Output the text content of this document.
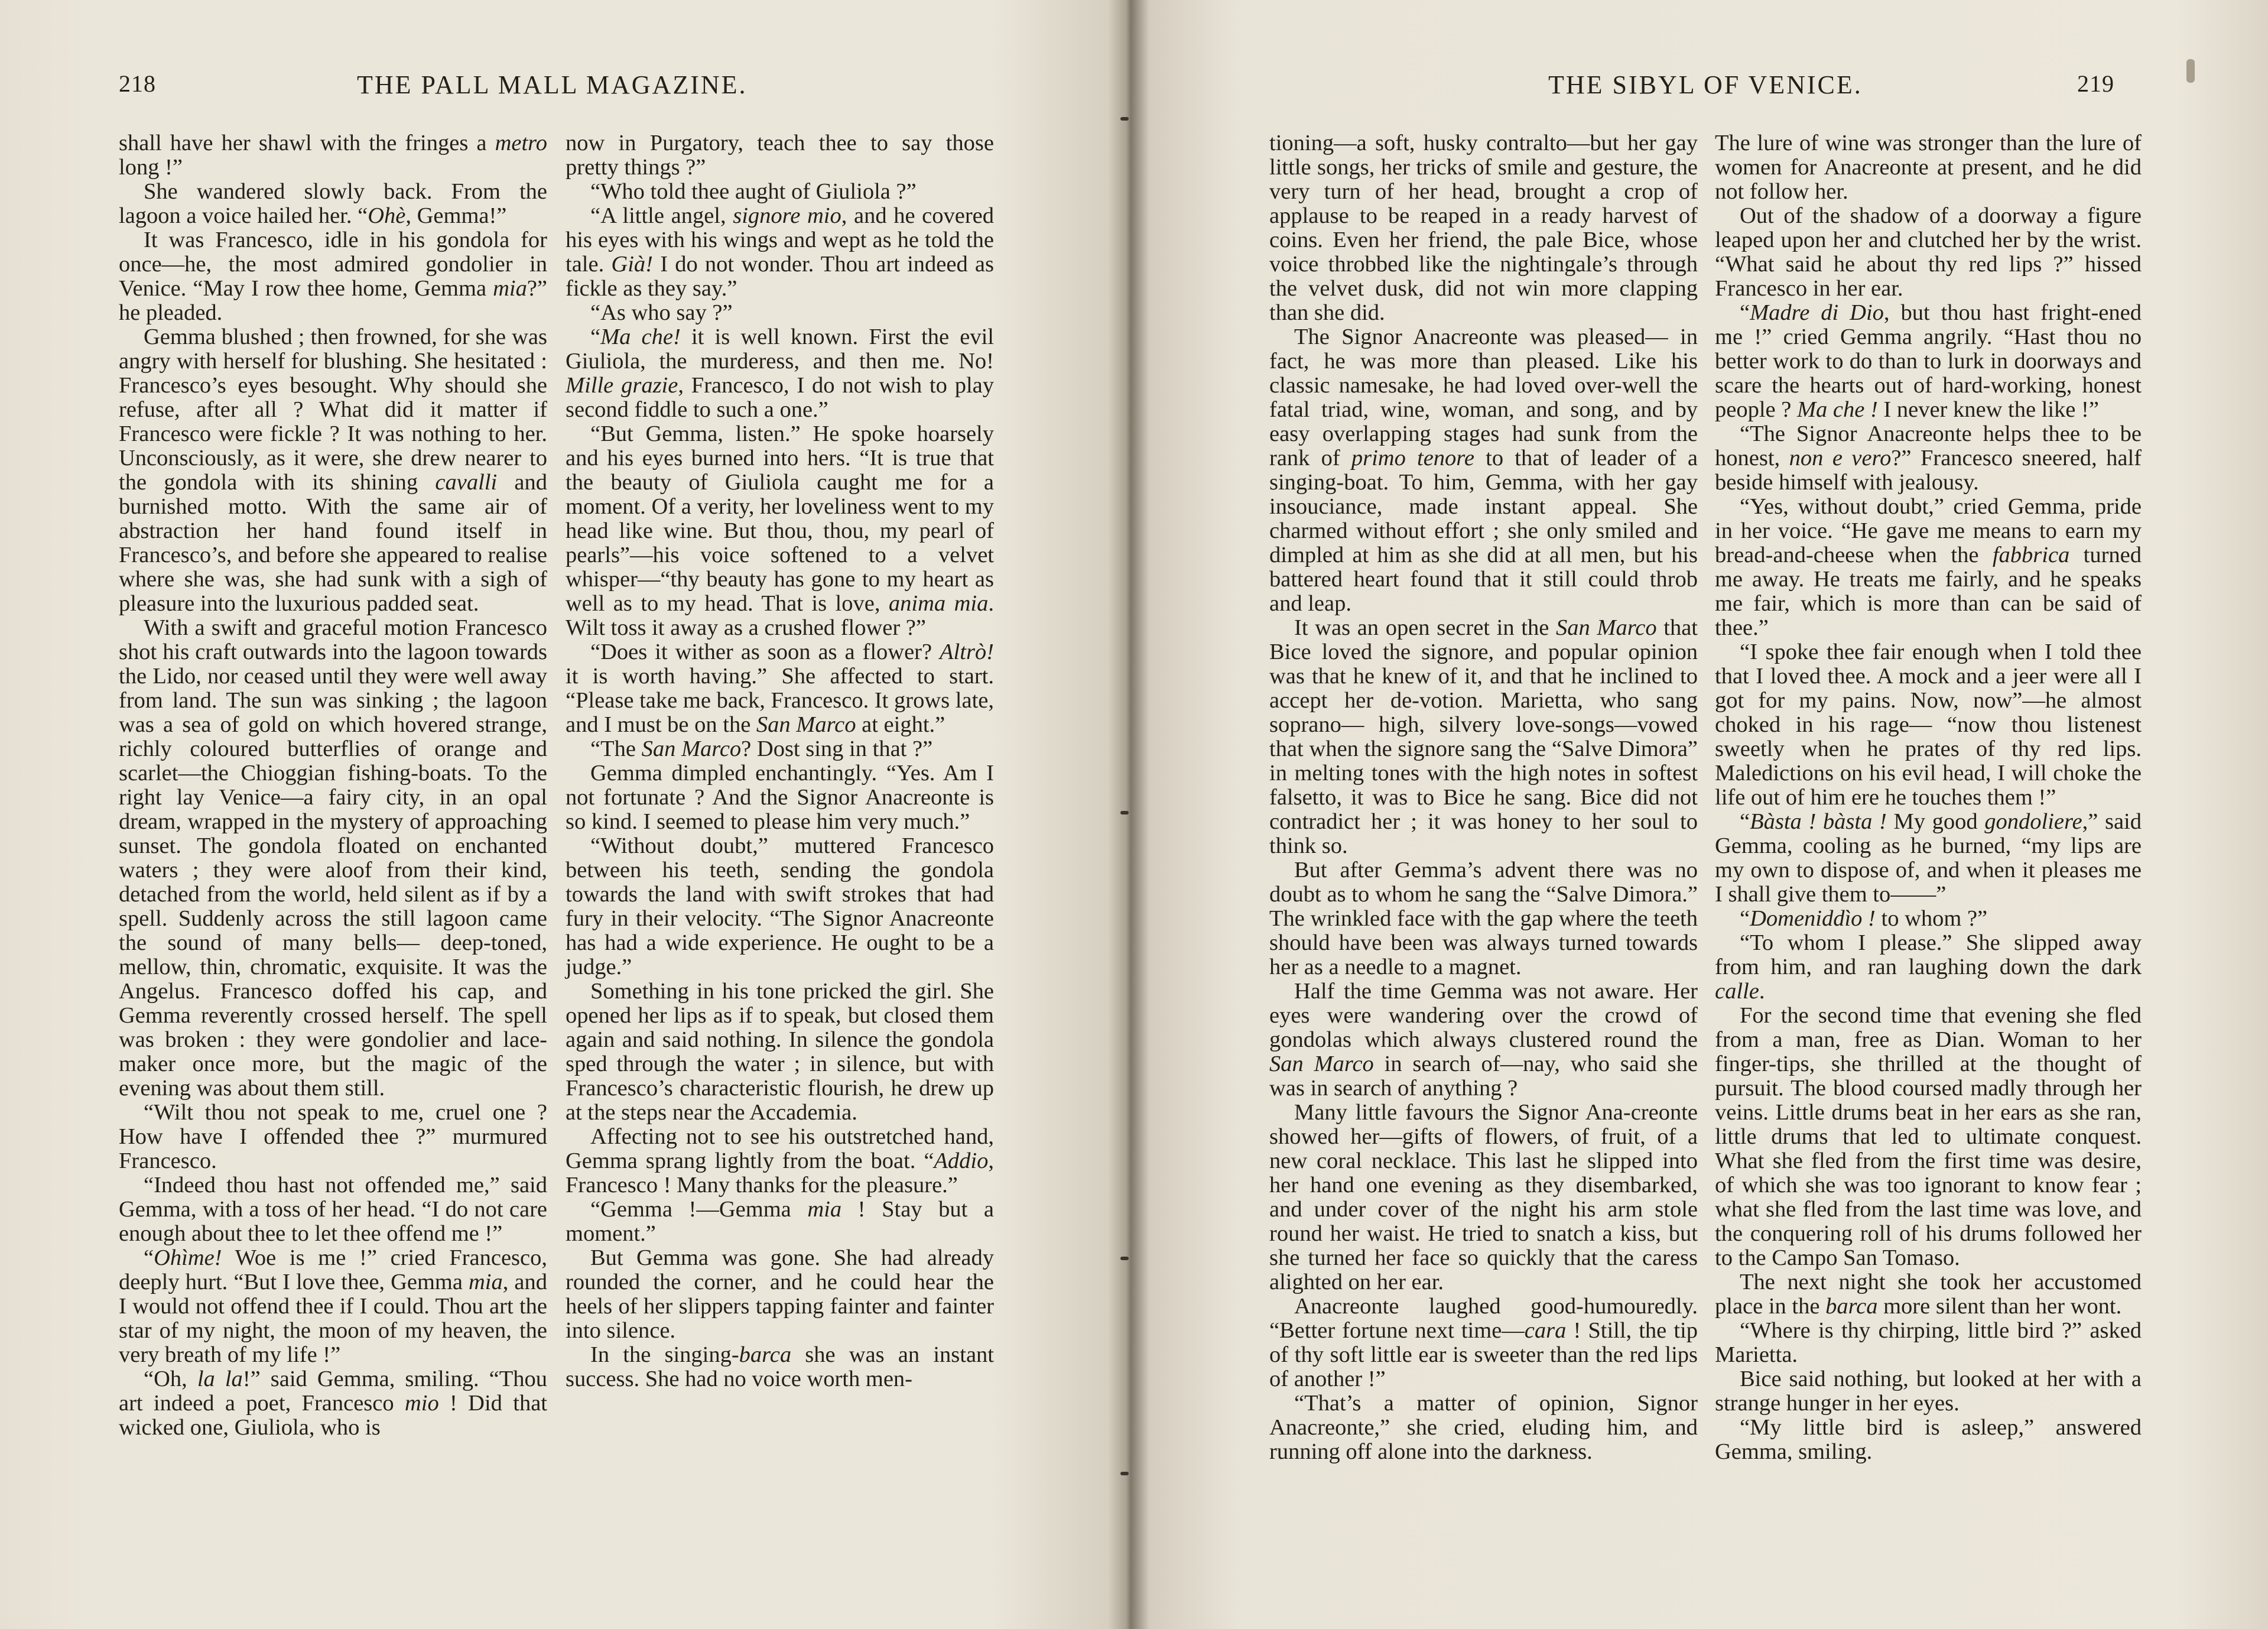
218	THE PALL MALL MAGAZINE.

shall have her shawl with the fringes a metro long !”

She wandered slowly back. From the lagoon a voice hailed her. “Ohè, Gemma!”

It was Francesco, idle in his gondola for once—he, the most admired gondolier in Venice. “May I row thee home, Gemma mia?” he pleaded.

Gemma blushed ; then frowned, for she was angry with herself for blushing. She hesitated : Francesco’s eyes besought. Why should she refuse, after all ? What did it matter if Francesco were fickle ? It was nothing to her. Unconsciously, as it were, she drew nearer to the gondola with its shining cavalli and burnished motto. With the same air of abstraction her hand found itself in Francesco’s, and before she appeared to realise where she was, she had sunk with a sigh of pleasure into the luxurious padded seat.

With a swift and graceful motion Francesco shot his craft outwards into the lagoon towards the Lido, nor ceased until they were well away from land. The sun was sinking ; the lagoon was a sea of gold on which hovered strange, richly coloured butterflies of orange and scarlet—the Chioggian fishing-boats. To the right lay Venice—a fairy city, in an opal dream, wrapped in the mystery of approaching sunset. The gondola floated on enchanted waters ; they were aloof from their kind, detached from the world, held silent as if by a spell. Suddenly across the still lagoon came the sound of many bells— deep-toned, mellow, thin, chromatic, exquisite. It was the Angelus. Francesco doffed his cap, and Gemma reverently crossed herself. The spell was broken : they were gondolier and lace-maker once more, but the magic of the evening was about them still.

“Wilt thou not speak to me, cruel one ? How have I offended thee ?” murmured Francesco.

“Indeed thou hast not offended me,” said Gemma, with a toss of her head. “I do not care enough about thee to let thee offend me !”

“Ohìme! Woe is me !” cried Francesco, deeply hurt. “But I love thee, Gemma mia, and I would not offend thee if I could. Thou art the star of my night, the moon of my heaven, the very breath of my life !”

“Oh, la la!” said Gemma, smiling. “Thou art indeed a poet, Francesco mio ! Did that wicked one, Giuliola, who is

now in Purgatory, teach thee to say those pretty things ?”

“Who told thee aught of Giuliola ?”

“A little angel, signore mio, and he covered his eyes with his wings and wept as he told the tale. Già! I do not wonder. Thou art indeed as fickle as they say.”

“As who say ?”

“Ma che! it is well known. First the evil Giuliola, the murderess, and then me. No! Mille grazie, Francesco, I do not wish to play second fiddle to such a one.”

“But Gemma, listen.” He spoke hoarsely and his eyes burned into hers. “It is true that the beauty of Giuliola caught me for a moment. Of a verity, her loveliness went to my head like wine. But thou, thou, my pearl of pearls”—his voice softened to a velvet whisper—“thy beauty has gone to my heart as well as to my head. That is love, anima mia. Wilt toss it away as a crushed flower ?”

“Does it wither as soon as a flower? Altrò! it is worth having.” She affected to start. “Please take me back, Francesco. It grows late, and I must be on the San Marco at eight.”

“The San Marco? Dost sing in that ?”

Gemma dimpled enchantingly. “Yes. Am I not fortunate ? And the Signor Anacreonte is so kind. I seemed to please him very much.”

“Without doubt,” muttered Francesco between his teeth, sending the gondola towards the land with swift strokes that had fury in their velocity. “The Signor Anacreonte has had a wide experience. He ought to be a judge.”

Something in his tone pricked the girl. She opened her lips as if to speak, but closed them again and said nothing. In silence the gondola sped through the water ; in silence, but with Francesco’s characteristic flourish, he drew up at the steps near the Accademia.

Affecting not to see his outstretched hand, Gemma sprang lightly from the boat. “Addio, Francesco ! Many thanks for the pleasure.”

“Gemma !—Gemma mia ! Stay but a moment.”

But Gemma was gone. She had already rounded the corner, and he could hear the heels of her slippers tapping fainter and fainter into silence.

In the singing-barca she was an instant success. She had no voice worth men-

THE SIBYL OF VENICE.	219

tioning—a soft, husky contralto—but her gay little songs, her tricks of smile and gesture, the very turn of her head, brought a crop of applause to be reaped in a ready harvest of coins. Even her friend, the pale Bice, whose voice throbbed like the nightingale’s through the velvet dusk, did not win more clapping than she did.

The Signor Anacreonte was pleased— in fact, he was more than pleased. Like his classic namesake, he had loved over-well the fatal triad, wine, woman, and song, and by easy overlapping stages had sunk from the rank of primo tenore to that of leader of a singing-boat. To him, Gemma, with her gay insouciance, made instant appeal. She charmed without effort ; she only smiled and dimpled at him as she did at all men, but his battered heart found that it still could throb and leap.

It was an open secret in the San Marco that Bice loved the signore, and popular opinion was that he knew of it, and that he inclined to accept her de-votion. Marietta, who sang soprano— high, silvery love-songs—vowed that when the signore sang the “Salve Dimora” in melting tones with the high notes in softest falsetto, it was to Bice he sang. Bice did not contradict her ; it was honey to her soul to think so.

But after Gemma’s advent there was no doubt as to whom he sang the “Salve Dimora.” The wrinkled face with the gap where the teeth should have been was always turned towards her as a needle to a magnet.

Half the time Gemma was not aware. Her eyes were wandering over the crowd of gondolas which always clustered round the San Marco in search of—nay, who said she was in search of anything ?

Many little favours the Signor Ana-creonte showed her—gifts of flowers, of fruit, of a new coral necklace. This last he slipped into her hand one evening as they disembarked, and under cover of the night his arm stole round her waist. He tried to snatch a kiss, but she turned her face so quickly that the caress alighted on her ear.

Anacreonte laughed good-humouredly. “Better fortune next time—cara ! Still, the tip of thy soft little ear is sweeter than the red lips of another !”

“That’s a matter of opinion, Signor Anacreonte,” she cried, eluding him, and running off alone into the darkness.

The lure of wine was stronger than the lure of women for Anacreonte at present, and he did not follow her.

Out of the shadow of a doorway a figure leaped upon her and clutched her by the wrist. “What said he about thy red lips ?” hissed Francesco in her ear.

“Madre di Dio, but thou hast fright-ened me !” cried Gemma angrily. “Hast thou no better work to do than to lurk in doorways and scare the hearts out of hard-working, honest people ? Ma che ! I never knew the like !”

“The Signor Anacreonte helps thee to be honest, non e vero?” Francesco sneered, half beside himself with jealousy.

“Yes, without doubt,” cried Gemma, pride in her voice. “He gave me means to earn my bread-and-cheese when the fabbrica turned me away. He treats me fairly, and he speaks me fair, which is more than can be said of thee.”

“I spoke thee fair enough when I told thee that I loved thee. A mock and a jeer were all I got for my pains. Now, now”—he almost choked in his rage— “now thou listenest sweetly when he prates of thy red lips. Maledictions on his evil head, I will choke the life out of him ere he touches them !”

“Bàsta ! bàsta ! My good gondoliere,” said Gemma, cooling as he burned, “my lips are my own to dispose of, and when it pleases me I shall give them to——”

“Domeniddìo ! to whom ?”

“To whom I please.” She slipped away from him, and ran laughing down the dark calle.

For the second time that evening she fled from a man, free as Dian. Woman to her finger-tips, she thrilled at the thought of pursuit. The blood coursed madly through her veins. Little drums beat in her ears as she ran, little drums that led to ultimate conquest. What she fled from the first time was desire, of which she was too ignorant to know fear ; what she fled from the last time was love, and the conquering roll of his drums followed her to the Campo San Tomaso.

The next night she took her accustomed place in the barca more silent than her wont.

“Where is thy chirping, little bird ?” asked Marietta.

Bice said nothing, but looked at her with a strange hunger in her eyes.

“My little bird is asleep,” answered Gemma, smiling.
